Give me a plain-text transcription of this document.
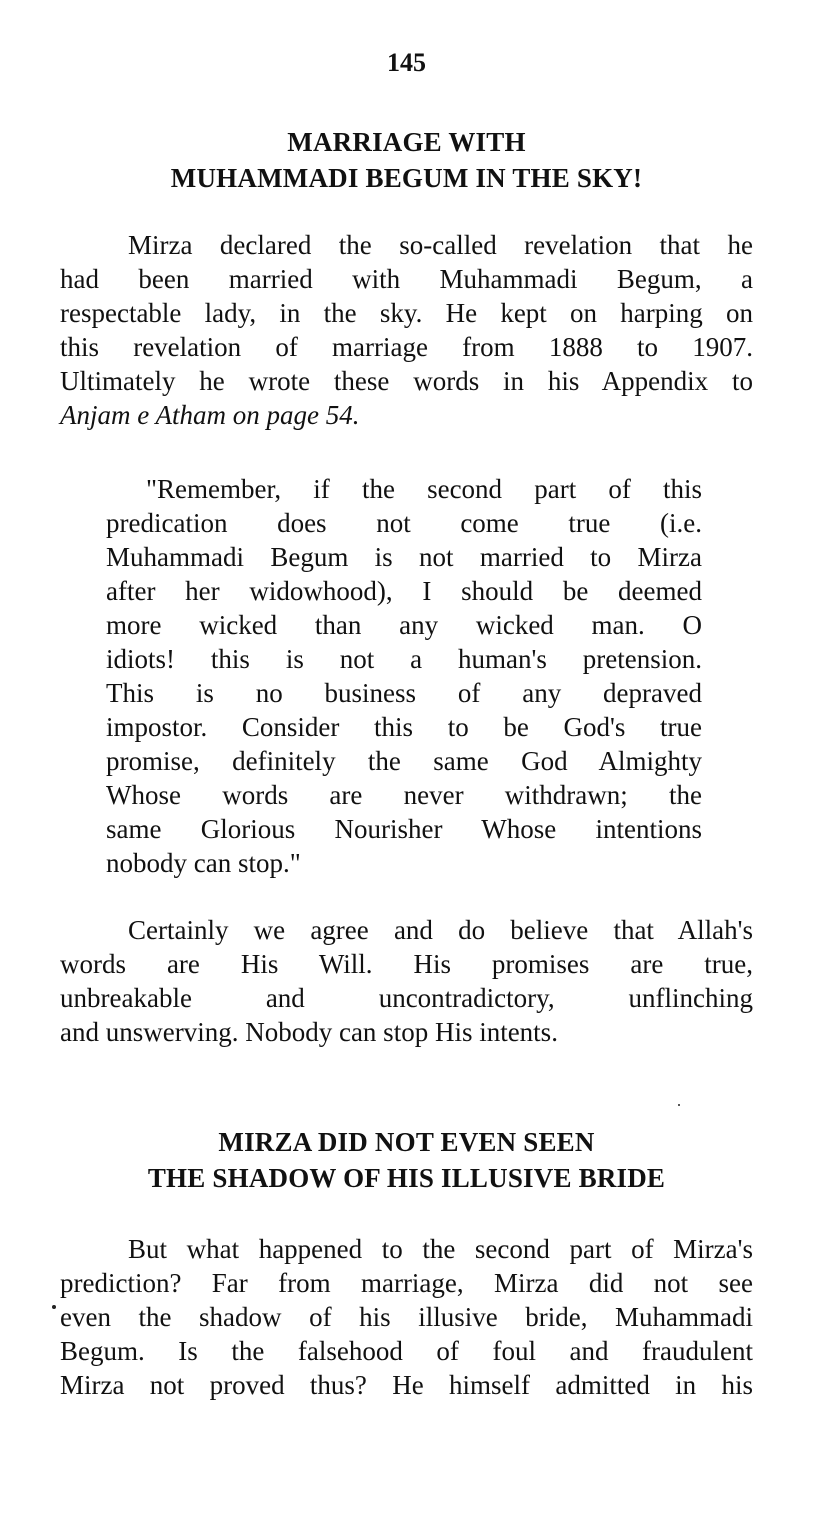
145
MARRIAGE WITH
MUHAMMADI BEGUM IN THE SKY!

Mirza declared the so-called revelation that he
had been married with Muhammadi Begum, a
respectable lady, in the sky. He kept on harping on
this revelation of marriage from 1888 to 1907.
Ultimately he wrote these words in his Appendix to
Anjam e Atham on page 54.

"Remember, if the second part of this
predication does not come true (i.e.
Muhammadi Begum is not married to Mirza
after her widowhood), I should be deemed
more wicked than any wicked man. O
idiots! this is not a human's pretension.
This is no business of any depraved
impostor. Consider this to be God's true
promise, definitely the same God Almighty
Whose words are never withdrawn; the
same Glorious Nourisher Whose intentions
nobody can stop."

Certainly we agree and do believe that Allah's
words are His Will. His promises are true,
unbreakable and uncontradictory, unflinching
and unswerving. Nobody can stop His intents.

MIRZA DID NOT EVEN SEEN
THE SHADOW OF HIS ILLUSIVE BRIDE

But what happened to the second part of Mirza's
prediction? Far from marriage, Mirza did not see
even the shadow of his illusive bride, Muhammadi
Begum. Is the falsehood of foul and fraudulent
Mirza not proved thus? He himself admitted in his
